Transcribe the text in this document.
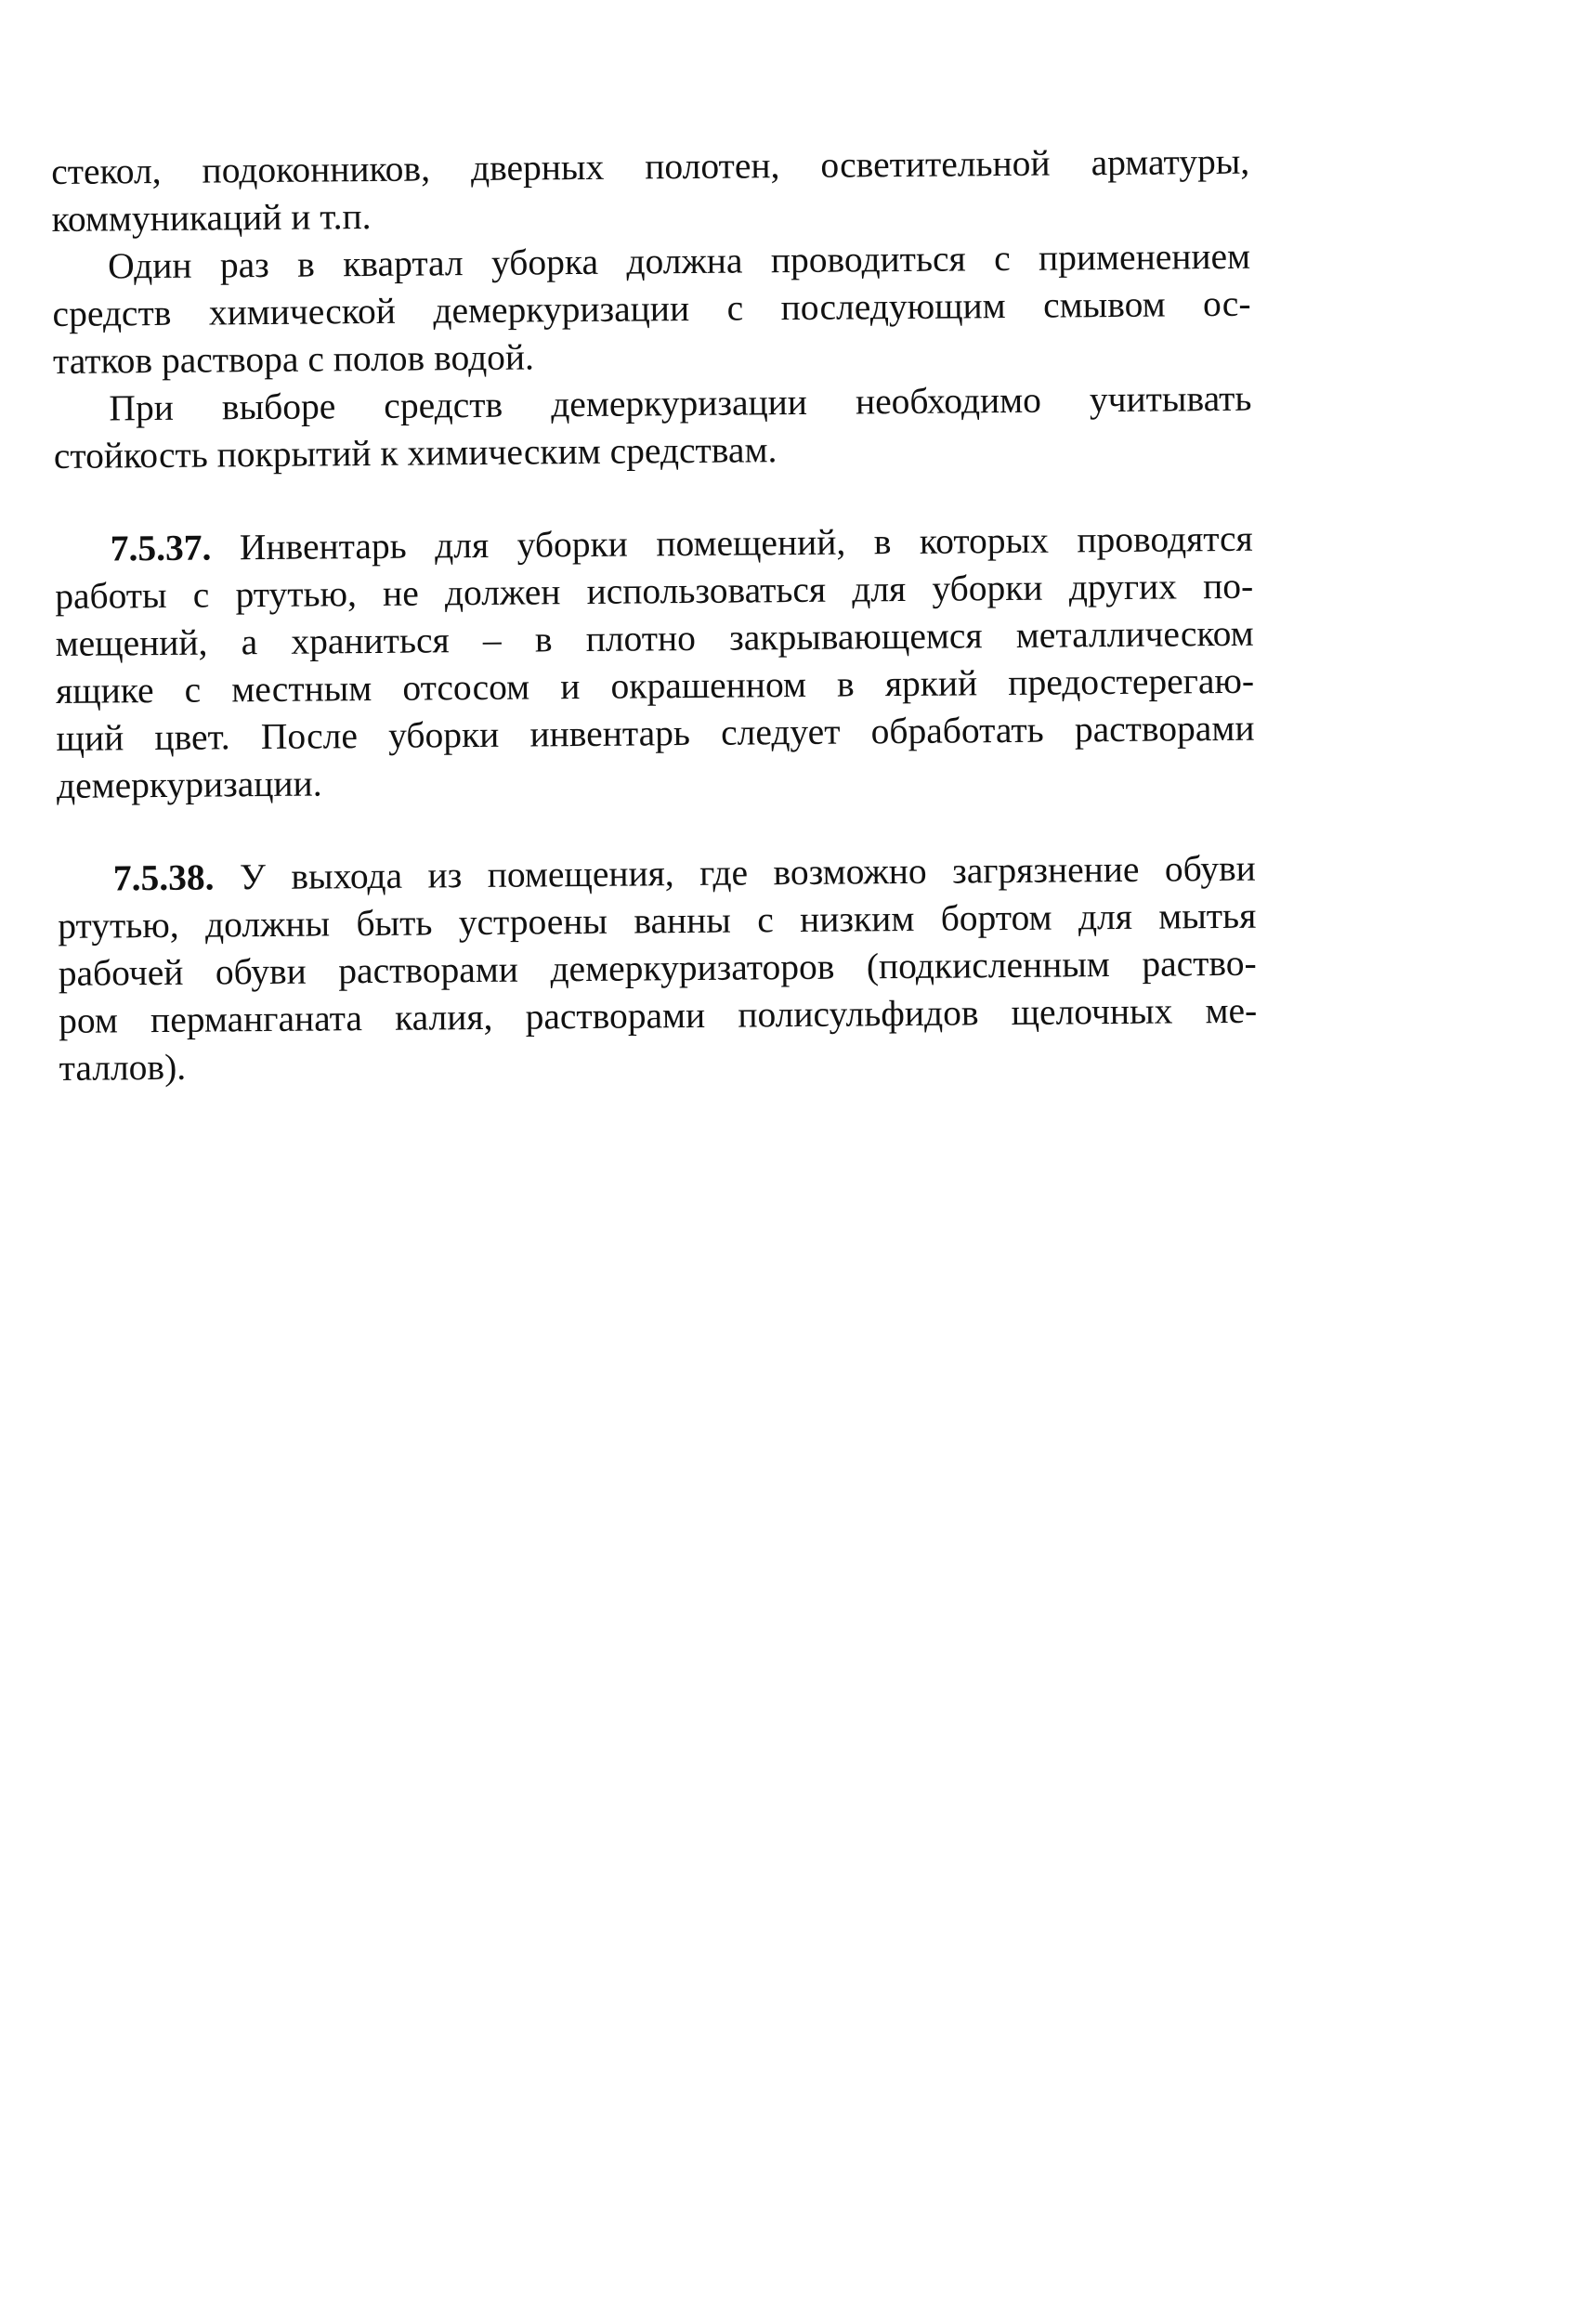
стекол, подоконников, дверных полотен, осветительной арматуры,
коммуникаций и т.п.
Один раз в квартал уборка должна проводиться с применением
средств химической демеркуризации с последующим смывом ос-
татков раствора с полов водой.
При выборе средств демеркуризации необходимо учитывать
стойкость покрытий к химическим средствам.
7.5.37. Инвентарь для уборки помещений, в которых проводятся
работы с ртутью, не должен использоваться для уборки других по-
мещений, а храниться – в плотно закрывающемся металлическом
ящике с местным отсосом и окрашенном в яркий предостерегаю-
щий цвет. После уборки инвентарь следует обработать растворами
демеркуризации.
7.5.38. У выхода из помещения, где возможно загрязнение обуви
ртутью, должны быть устроены ванны с низким бортом для мытья
рабочей обуви растворами демеркуризаторов (подкисленным раство-
ром перманганата калия, растворами полисульфидов щелочных ме-
таллов).
